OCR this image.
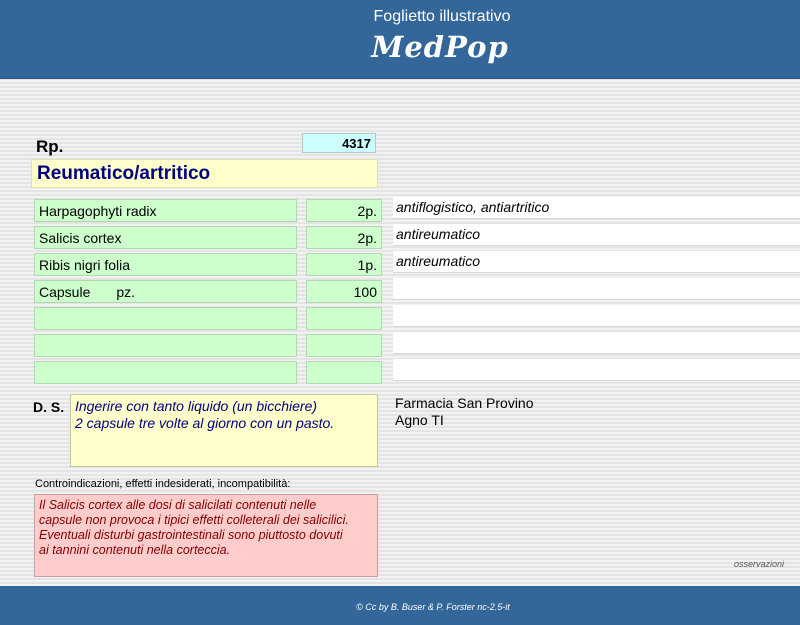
Foglietto illustrativo
MedPop
Rp.	4317
Reumatico/artritico
Harpagophyti radix	2p.	antiflogistico, antiartritico
Salicis cortex	2p.	antireumatico
Ribis nigri folia	1p.	antireumatico
Capsule pz.	100
D. S. Ingerire con tanto liquido (un bicchiere)
2 capsule tre volte al giorno con un pasto.
Farmacia San Provino
Agno TI
Controindicazioni, effetti indesiderati, incompatibilità:
Il Salicis cortex alle dosi di salicilati contenuti nelle
capsule non provoca i tipici effetti colleterali dei salicilici.
Eventuali disturbi gastrointestinali sono piuttosto dovuti
ai tannini contenuti nella corteccia.
osservazioni
© Cc by B. Buser & P. Forster nc-2.5-it
